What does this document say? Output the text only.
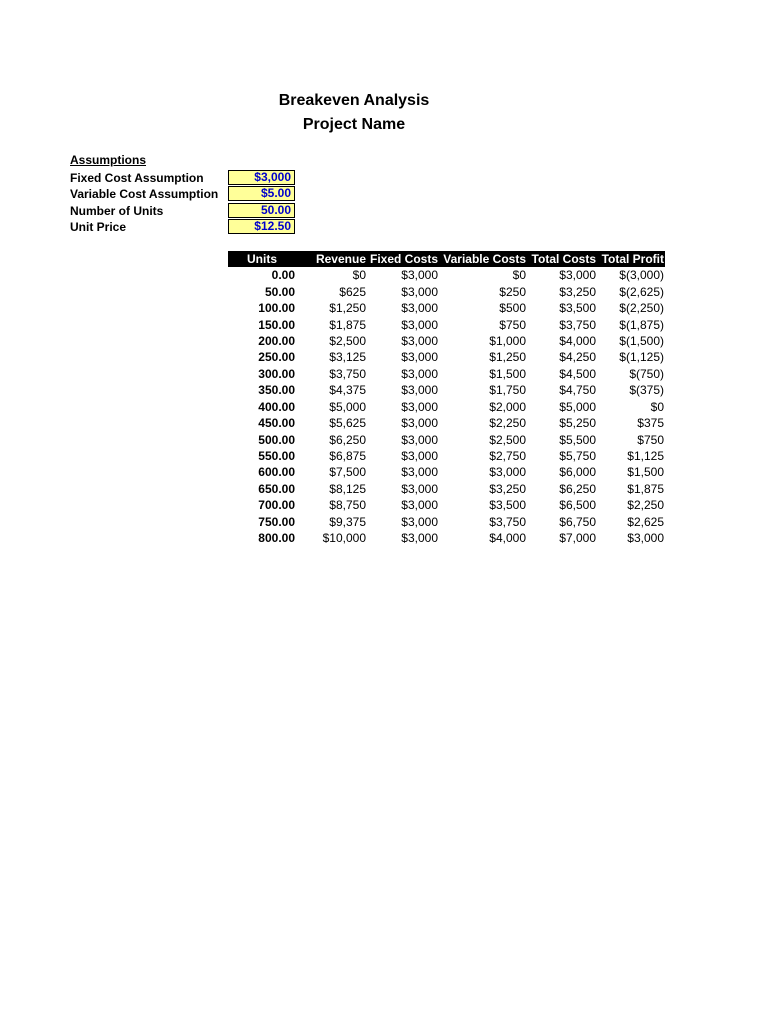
Breakeven Analysis
Project Name
Assumptions
Fixed Cost Assumption	$3,000
Variable Cost Assumption	$5.00
Number of Units	50.00
Unit Price	$12.50
Units	Revenue	Fixed Costs	Variable Costs	Total Costs	Total Profit
0.00	$0	$3,000	$0	$3,000	$(3,000)
50.00	$625	$3,000	$250	$3,250	$(2,625)
100.00	$1,250	$3,000	$500	$3,500	$(2,250)
150.00	$1,875	$3,000	$750	$3,750	$(1,875)
200.00	$2,500	$3,000	$1,000	$4,000	$(1,500)
250.00	$3,125	$3,000	$1,250	$4,250	$(1,125)
300.00	$3,750	$3,000	$1,500	$4,500	$(750)
350.00	$4,375	$3,000	$1,750	$4,750	$(375)
400.00	$5,000	$3,000	$2,000	$5,000	$0
450.00	$5,625	$3,000	$2,250	$5,250	$375
500.00	$6,250	$3,000	$2,500	$5,500	$750
550.00	$6,875	$3,000	$2,750	$5,750	$1,125
600.00	$7,500	$3,000	$3,000	$6,000	$1,500
650.00	$8,125	$3,000	$3,250	$6,250	$1,875
700.00	$8,750	$3,000	$3,500	$6,500	$2,250
750.00	$9,375	$3,000	$3,750	$6,750	$2,625
800.00	$10,000	$3,000	$4,000	$7,000	$3,000
